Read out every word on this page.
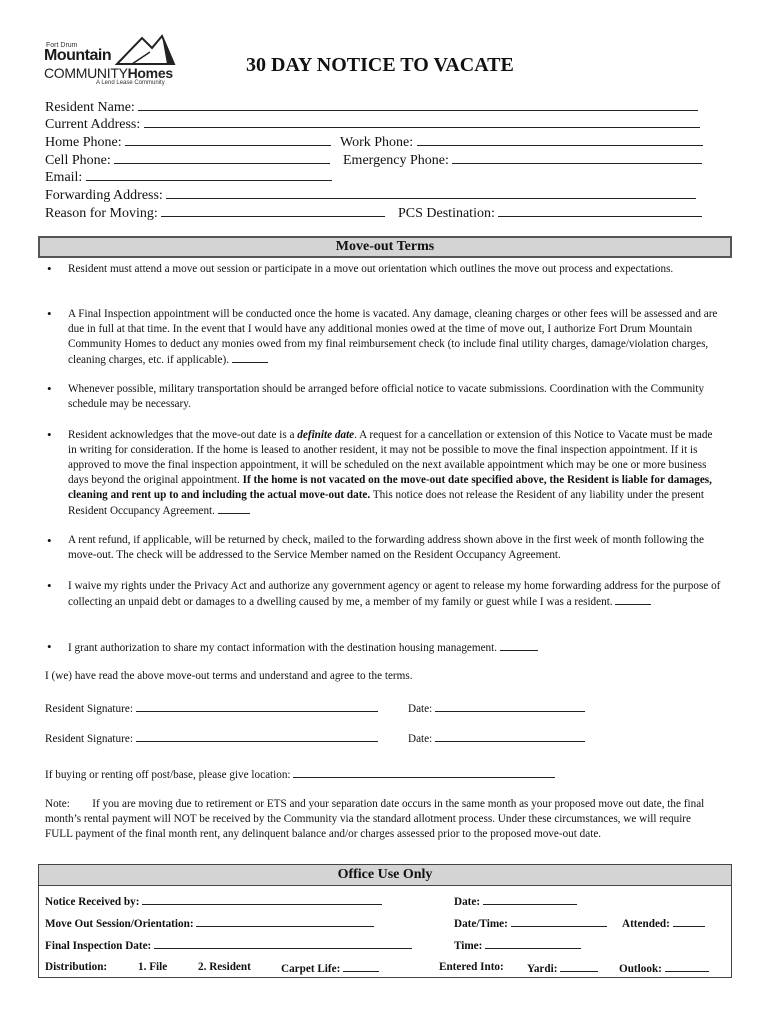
Fort Drum
Mountain
COMMUNITYHomes
A Lend Lease Community
30 DAY NOTICE TO VACATE
Resident Name:
Current Address:
Home Phone:	Work Phone:
Cell Phone:	Emergency Phone:
Email:
Forwarding Address:
Reason for Moving:	PCS Destination:
Move-out Terms
• Resident must attend a move out session or participate in a move out orientation which outlines the move out process and expectations.
• A Final Inspection appointment will be conducted once the home is vacated. Any damage, cleaning charges or other fees will be assessed and are due in full at that time. In the event that I would have any additional monies owed at the time of move out, I authorize Fort Drum Mountain Community Homes to deduct any monies owed from my final reimbursement check (to include final utility charges, damage/violation charges, cleaning charges, etc. if applicable).
• Whenever possible, military transportation should be arranged before official notice to vacate submissions. Coordination with the Community schedule may be necessary.
• Resident acknowledges that the move-out date is a definite date. A request for a cancellation or extension of this Notice to Vacate must be made in writing for consideration. If the home is leased to another resident, it may not be possible to move the final inspection appointment. If it is approved to move the final inspection appointment, it will be scheduled on the next available appointment which may be one or more business days beyond the original appointment. If the home is not vacated on the move-out date specified above, the Resident is liable for damages, cleaning and rent up to and including the actual move-out date. This notice does not release the Resident of any liability under the present Resident Occupancy Agreement.
• A rent refund, if applicable, will be returned by check, mailed to the forwarding address shown above in the first week of month following the move-out. The check will be addressed to the Service Member named on the Resident Occupancy Agreement.
• I waive my rights under the Privacy Act and authorize any government agency or agent to release my home forwarding address for the purpose of collecting an unpaid debt or damages to a dwelling caused by me, a member of my family or guest while I was a resident.
• I grant authorization to share my contact information with the destination housing management.
I (we) have read the above move-out terms and understand and agree to the terms.
Resident Signature:	Date:
Resident Signature:	Date:
If buying or renting off post/base, please give location:
Note: If you are moving due to retirement or ETS and your separation date occurs in the same month as your proposed move out date, the final month’s rental payment will NOT be received by the Community via the standard allotment process. Under these circumstances, we will require FULL payment of the final month rent, any delinquent balance and/or charges assessed prior to the proposed move-out date.
Office Use Only
Notice Received by:	Date:
Move Out Session/Orientation:	Date/Time:	Attended:
Final Inspection Date:	Time:
Distribution:	1. File	2. Resident	Carpet Life:	Entered Into: Yardi:	Outlook:
